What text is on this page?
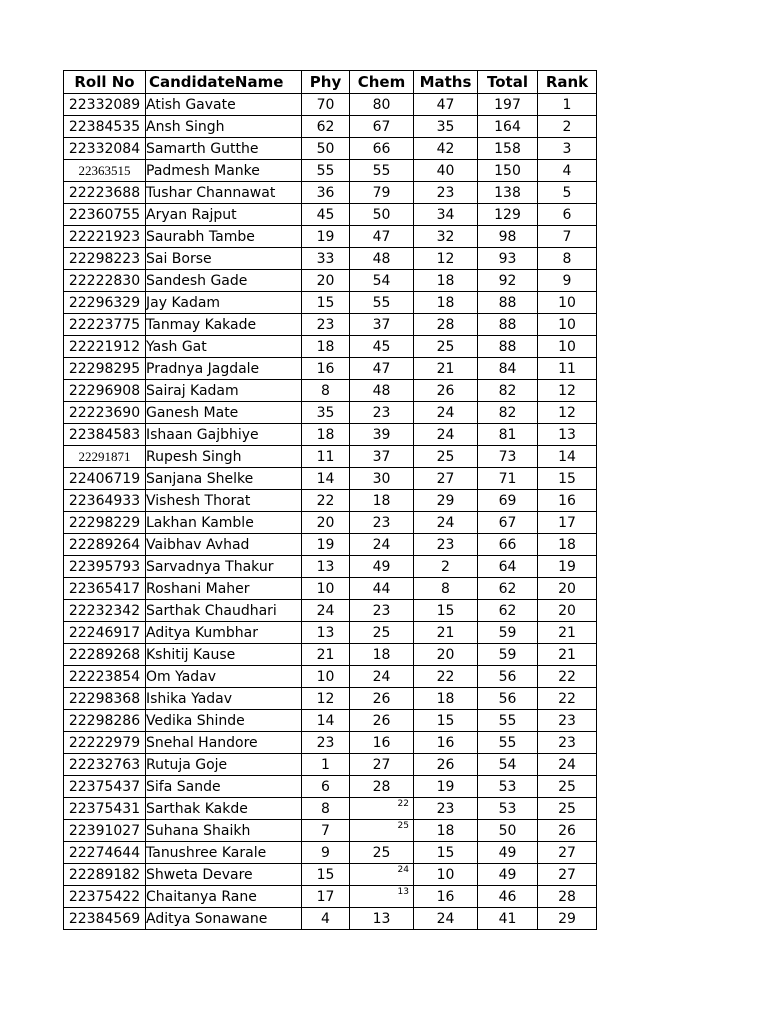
Roll No	CandidateName	Phy	Chem	Maths	Total	Rank
22332089	Atish Gavate	70	80	47	197	1
22384535	Ansh Singh	62	67	35	164	2
22332084	Samarth Gutthe	50	66	42	158	3
22363515	Padmesh Manke	55	55	40	150	4
22223688	Tushar Channawat	36	79	23	138	5
22360755	Aryan Rajput	45	50	34	129	6
22221923	Saurabh Tambe	19	47	32	98	7
22298223	Sai Borse	33	48	12	93	8
22222830	Sandesh Gade	20	54	18	92	9
22296329	Jay Kadam	15	55	18	88	10
22223775	Tanmay Kakade	23	37	28	88	10
22221912	Yash Gat	18	45	25	88	10
22298295	Pradnya Jagdale	16	47	21	84	11
22296908	Sairaj Kadam	8	48	26	82	12
22223690	Ganesh Mate	35	23	24	82	12
22384583	Ishaan Gajbhiye	18	39	24	81	13
22291871	Rupesh Singh	11	37	25	73	14
22406719	Sanjana Shelke	14	30	27	71	15
22364933	Vishesh Thorat	22	18	29	69	16
22298229	Lakhan Kamble	20	23	24	67	17
22289264	Vaibhav Avhad	19	24	23	66	18
22395793	Sarvadnya Thakur	13	49	2	64	19
22365417	Roshani Maher	10	44	8	62	20
22232342	Sarthak Chaudhari	24	23	15	62	20
22246917	Aditya Kumbhar	13	25	21	59	21
22289268	Kshitij Kause	21	18	20	59	21
22223854	Om Yadav	10	24	22	56	22
22298368	Ishika Yadav	12	26	18	56	22
22298286	Vedika Shinde	14	26	15	55	23
22222979	Snehal Handore	23	16	16	55	23
22232763	Rutuja Goje	1	27	26	54	24
22375437	Sifa Sande	6	28	19	53	25
22375431	Sarthak Kakde	8	22	23	53	25
22391027	Suhana Shaikh	7	25	18	50	26
22274644	Tanushree Karale	9	25	15	49	27
22289182	Shweta Devare	15	24	10	49	27
22375422	Chaitanya Rane	17	13	16	46	28
22384569	Aditya Sonawane	4	13	24	41	29
